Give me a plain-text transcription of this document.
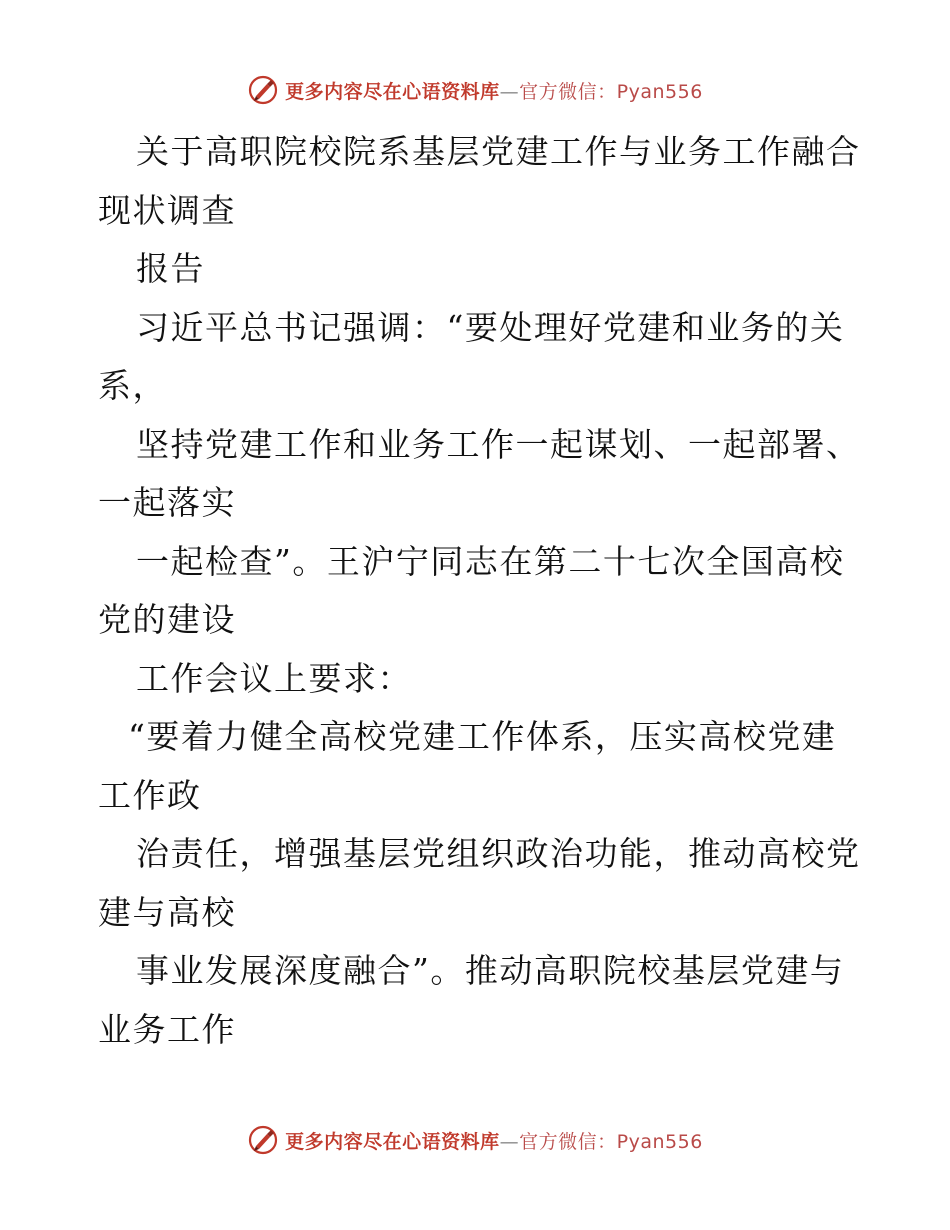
更多内容尽在心语资料库—官方微信：Pyan556
关于高职院校院系基层党建工作与业务工作融合
现状调查
报告
习近平总书记强调：“要处理好党建和业务的关
系，
坚持党建工作和业务工作一起谋划、一起部署、
一起落实
一起检查”。王沪宁同志在第二十七次全国高校
党的建设
工作会议上要求：
“要着力健全高校党建工作体系，压实高校党建
工作政
治责任，增强基层党组织政治功能，推动高校党
建与高校
事业发展深度融合”。推动高职院校基层党建与
业务工作
更多内容尽在心语资料库—官方微信：Pyan556
